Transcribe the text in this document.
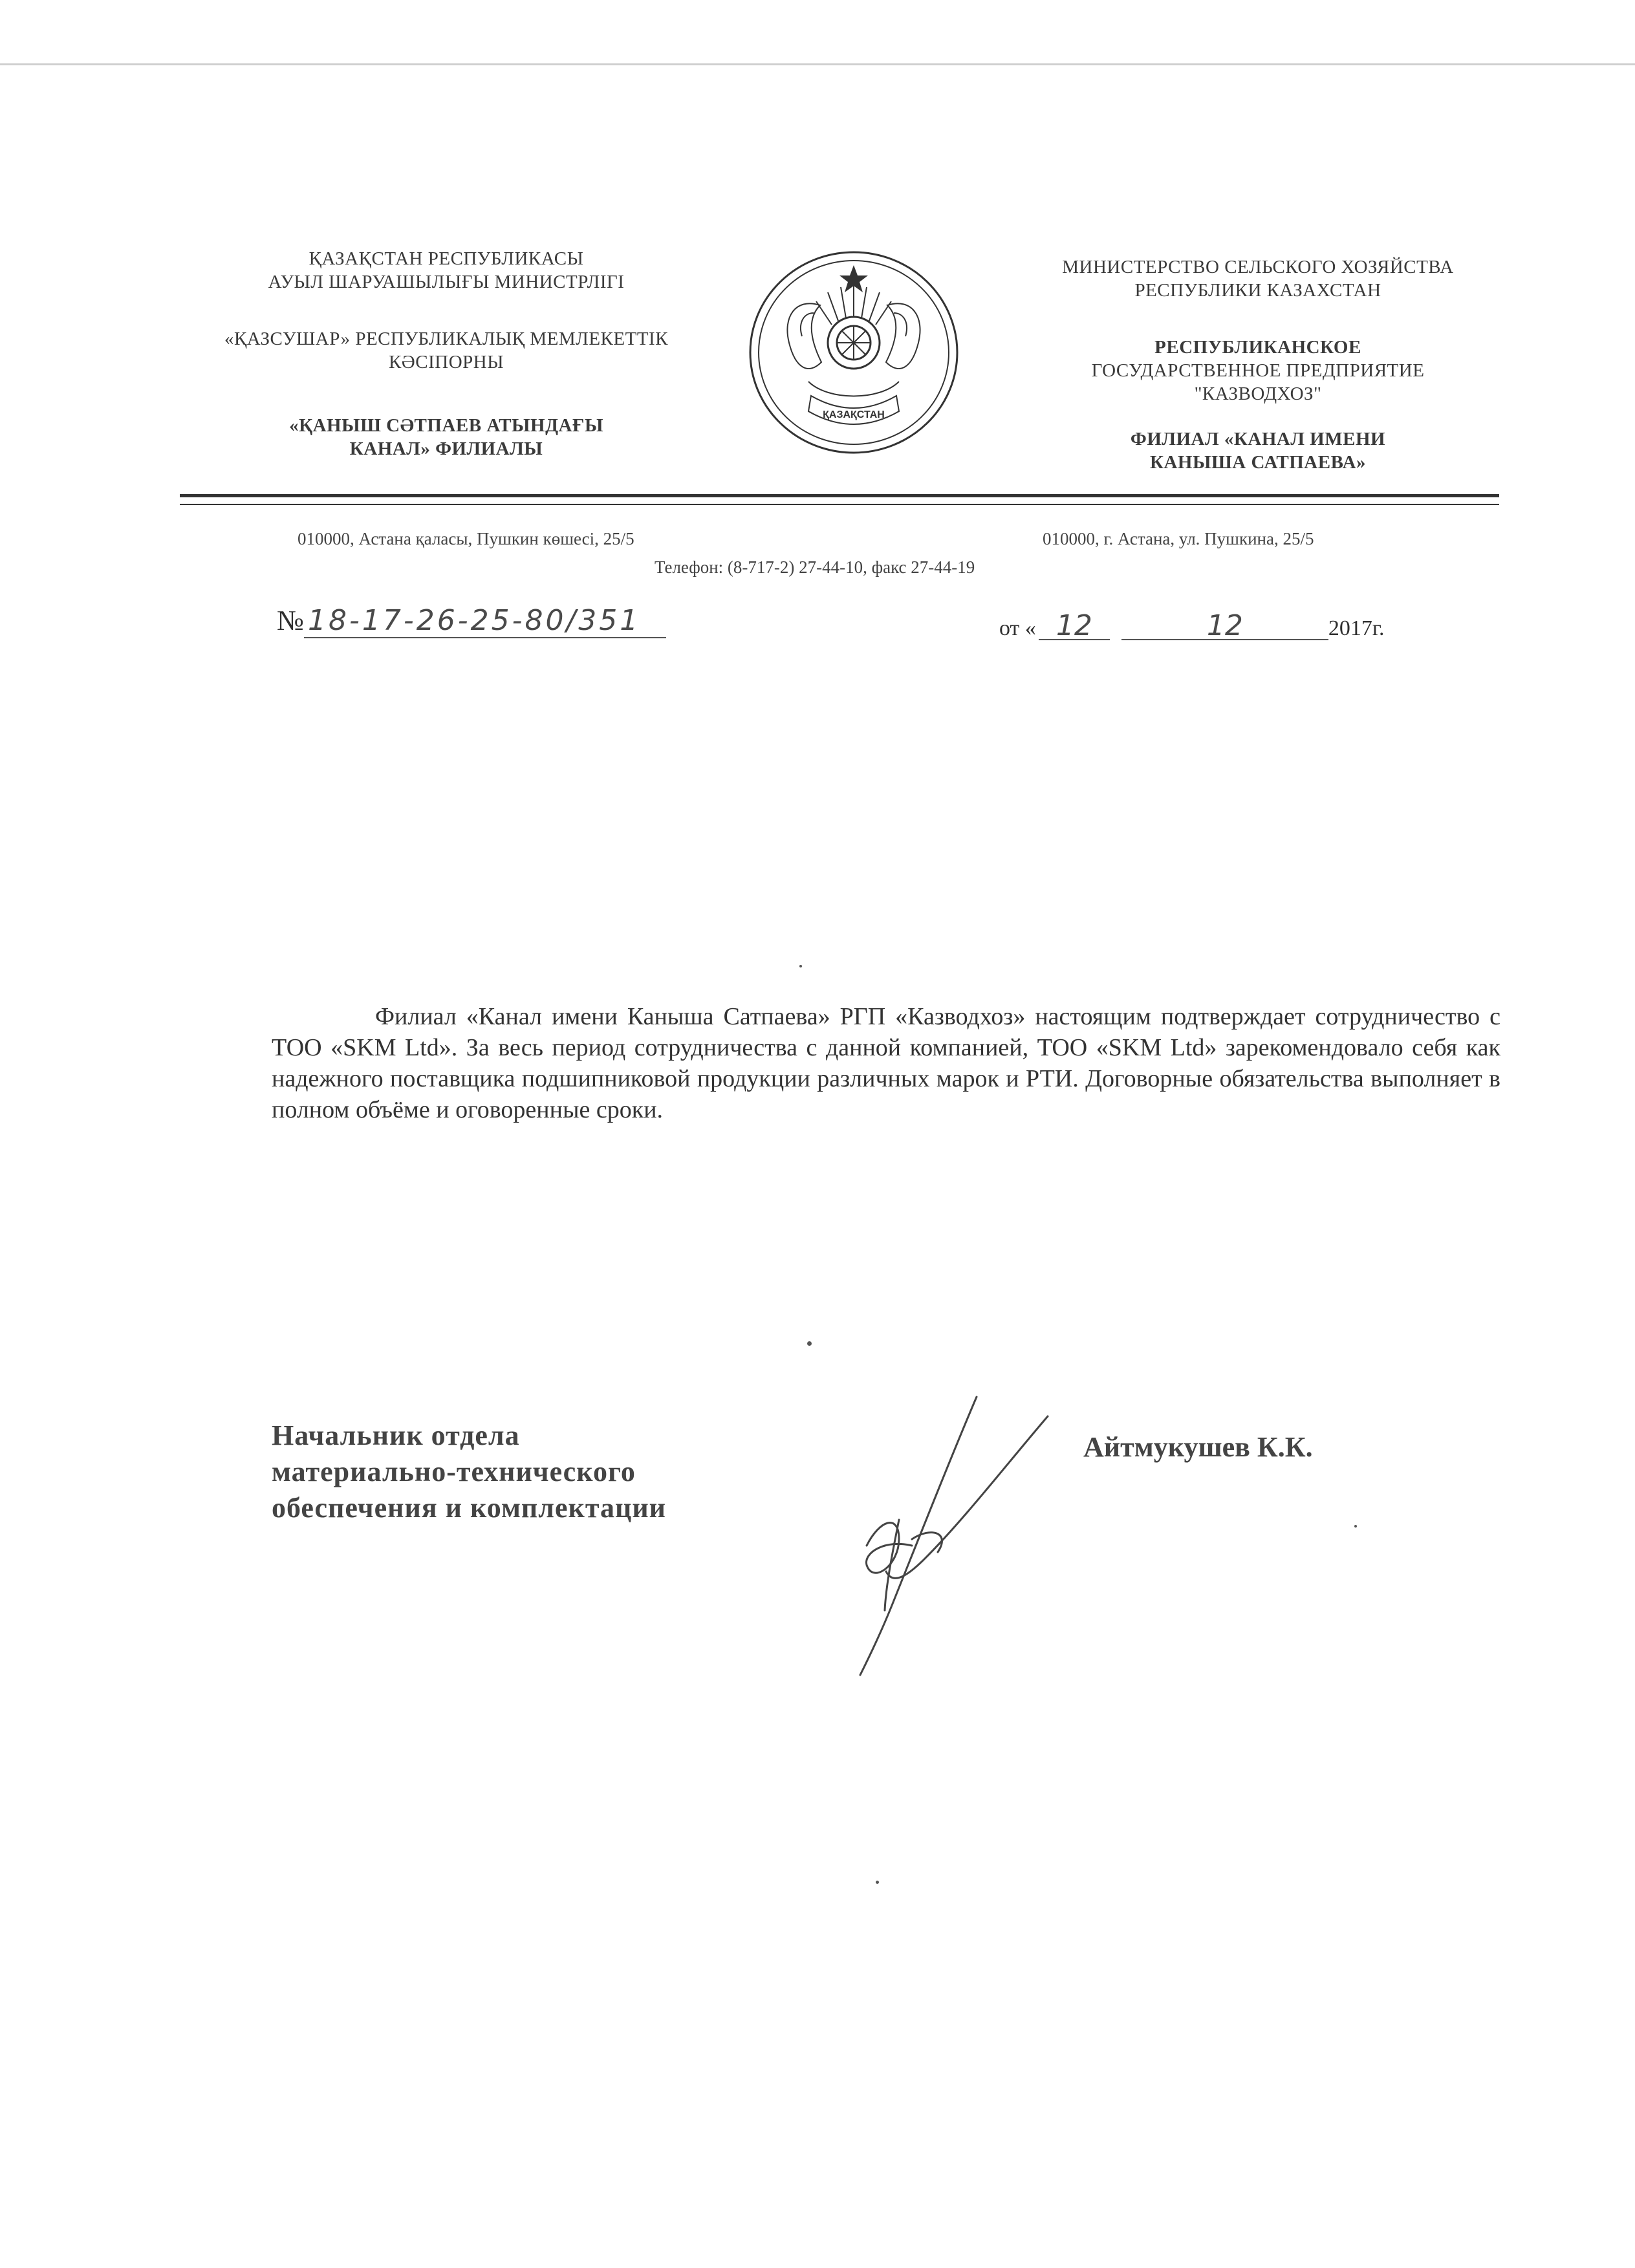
ҚАЗАҚСТАН РЕСПУБЛИКАСЫ
АУЫЛ ШАРУАШЫЛЫҒЫ МИНИСТРЛІГІ
«ҚАЗСУШАР» РЕСПУБЛИКАЛЫҚ МЕМЛЕКЕТТІК
КӘСІПОРНЫ
«ҚАНЫШ СӘТПАЕВ АТЫНДАҒЫ
КАНАЛ» ФИЛИАЛЫ
ҚАЗАҚСТАН
МИНИСТЕРСТВО СЕЛЬСКОГО ХОЗЯЙСТВА
РЕСПУБЛИКИ КАЗАХСТАН
РЕСПУБЛИКАНСКОЕ
ГОСУДАРСТВЕННОЕ ПРЕДПРИЯТИЕ
"КАЗВОДХОЗ"
ФИЛИАЛ «КАНАЛ ИМЕНИ
КАНЫША САТПАЕВА»
010000, Астана қаласы, Пушкин көшесі, 25/5	010000, г. Астана, ул. Пушкина, 25/5
Телефон: (8-717-2) 27-44-10, факс 27-44-19
№ 18-17-26-25-80/351	от « 12	12	2017г.

Филиал «Канал имени Каныша Сатпаева» РГП «Казводхоз» настоящим подтверждает сотрудничество с ТОО «SKM Ltd». За весь период сотрудничества с данной компанией, ТОО «SKM Ltd» зарекомендовало себя как надежного поставщика подшипниковой продукции различных марок и РТИ. Договорные обязательства выполняет в полном объёме и оговоренные сроки.

Начальник отдела
материально-технического
обеспечения и комплектации
Айтмукушев К.К.
